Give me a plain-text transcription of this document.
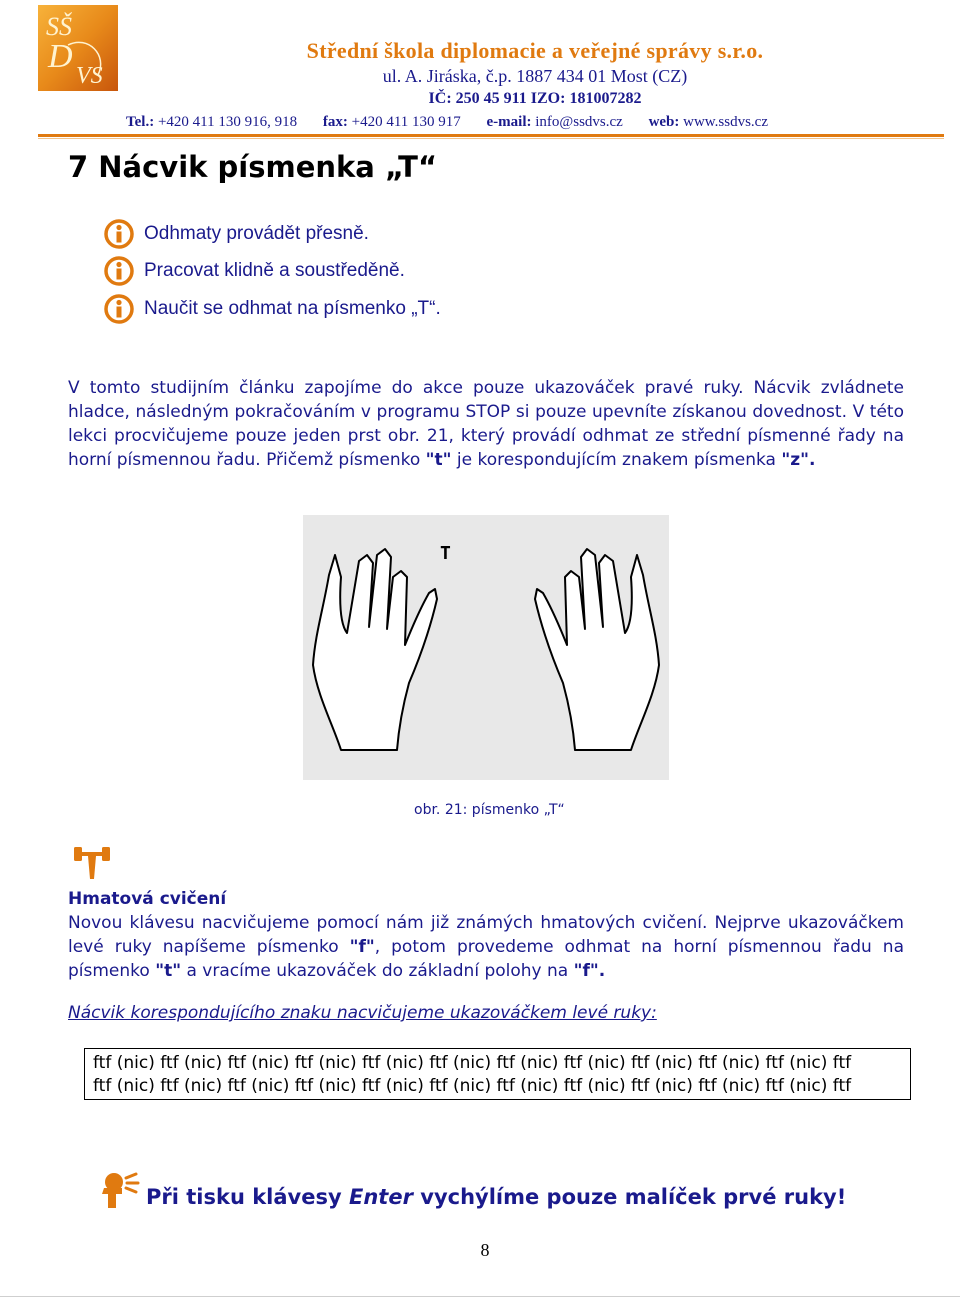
SŠ
D
VS
Střední škola diplomacie a veřejné správy s.r.o.
ul. A. Jiráska, č.p. 1887 434 01 Most (CZ)
IČ: 250 45 911 IZO: 181007282
Tel.: +420 411 130 916, 918 fax: +420 411 130 917 e-mail: info@ssdvs.cz web: www.ssdvs.cz
7 Nácvik písmenka „T“
Odhmaty provádět přesně.
Pracovat klidně a soustředěně.
Naučit se odhmat na písmenko „T“.
V tomto studijním článku zapojíme do akce pouze ukazováček pravé ruky. Nácvik zvládnete hladce, následným pokračováním v programu STOP si pouze upevníte získanou dovednost. V této lekci procvičujeme pouze jeden prst obr. 21, který provádí odhmat ze střední písmenné řady na horní písmennou řadu. Přičemž písmenko "t" je korespondujícím znakem písmenka "z".
T
obr. 21: písmenko „T“
Hmatová cvičení
Novou klávesu nacvičujeme pomocí nám již známých hmatových cvičení. Nejprve ukazováčkem levé ruky napíšeme písmenko "f", potom provedeme odhmat na horní písmennou řadu na písmenko "t" a vracíme ukazováček do základní polohy na "f".
Nácvik korespondujícího znaku nacvičujeme ukazováčkem levé ruky:
ftf (nic) ftf (nic) ftf (nic) ftf (nic) ftf (nic) ftf (nic) ftf (nic) ftf (nic) ftf (nic) ftf (nic) ftf (nic) ftf
ftf (nic) ftf (nic) ftf (nic) ftf (nic) ftf (nic) ftf (nic) ftf (nic) ftf (nic) ftf (nic) ftf (nic) ftf (nic) ftf
Při tisku klávesy Enter vychýlíme pouze malíček prvé ruky!
8
